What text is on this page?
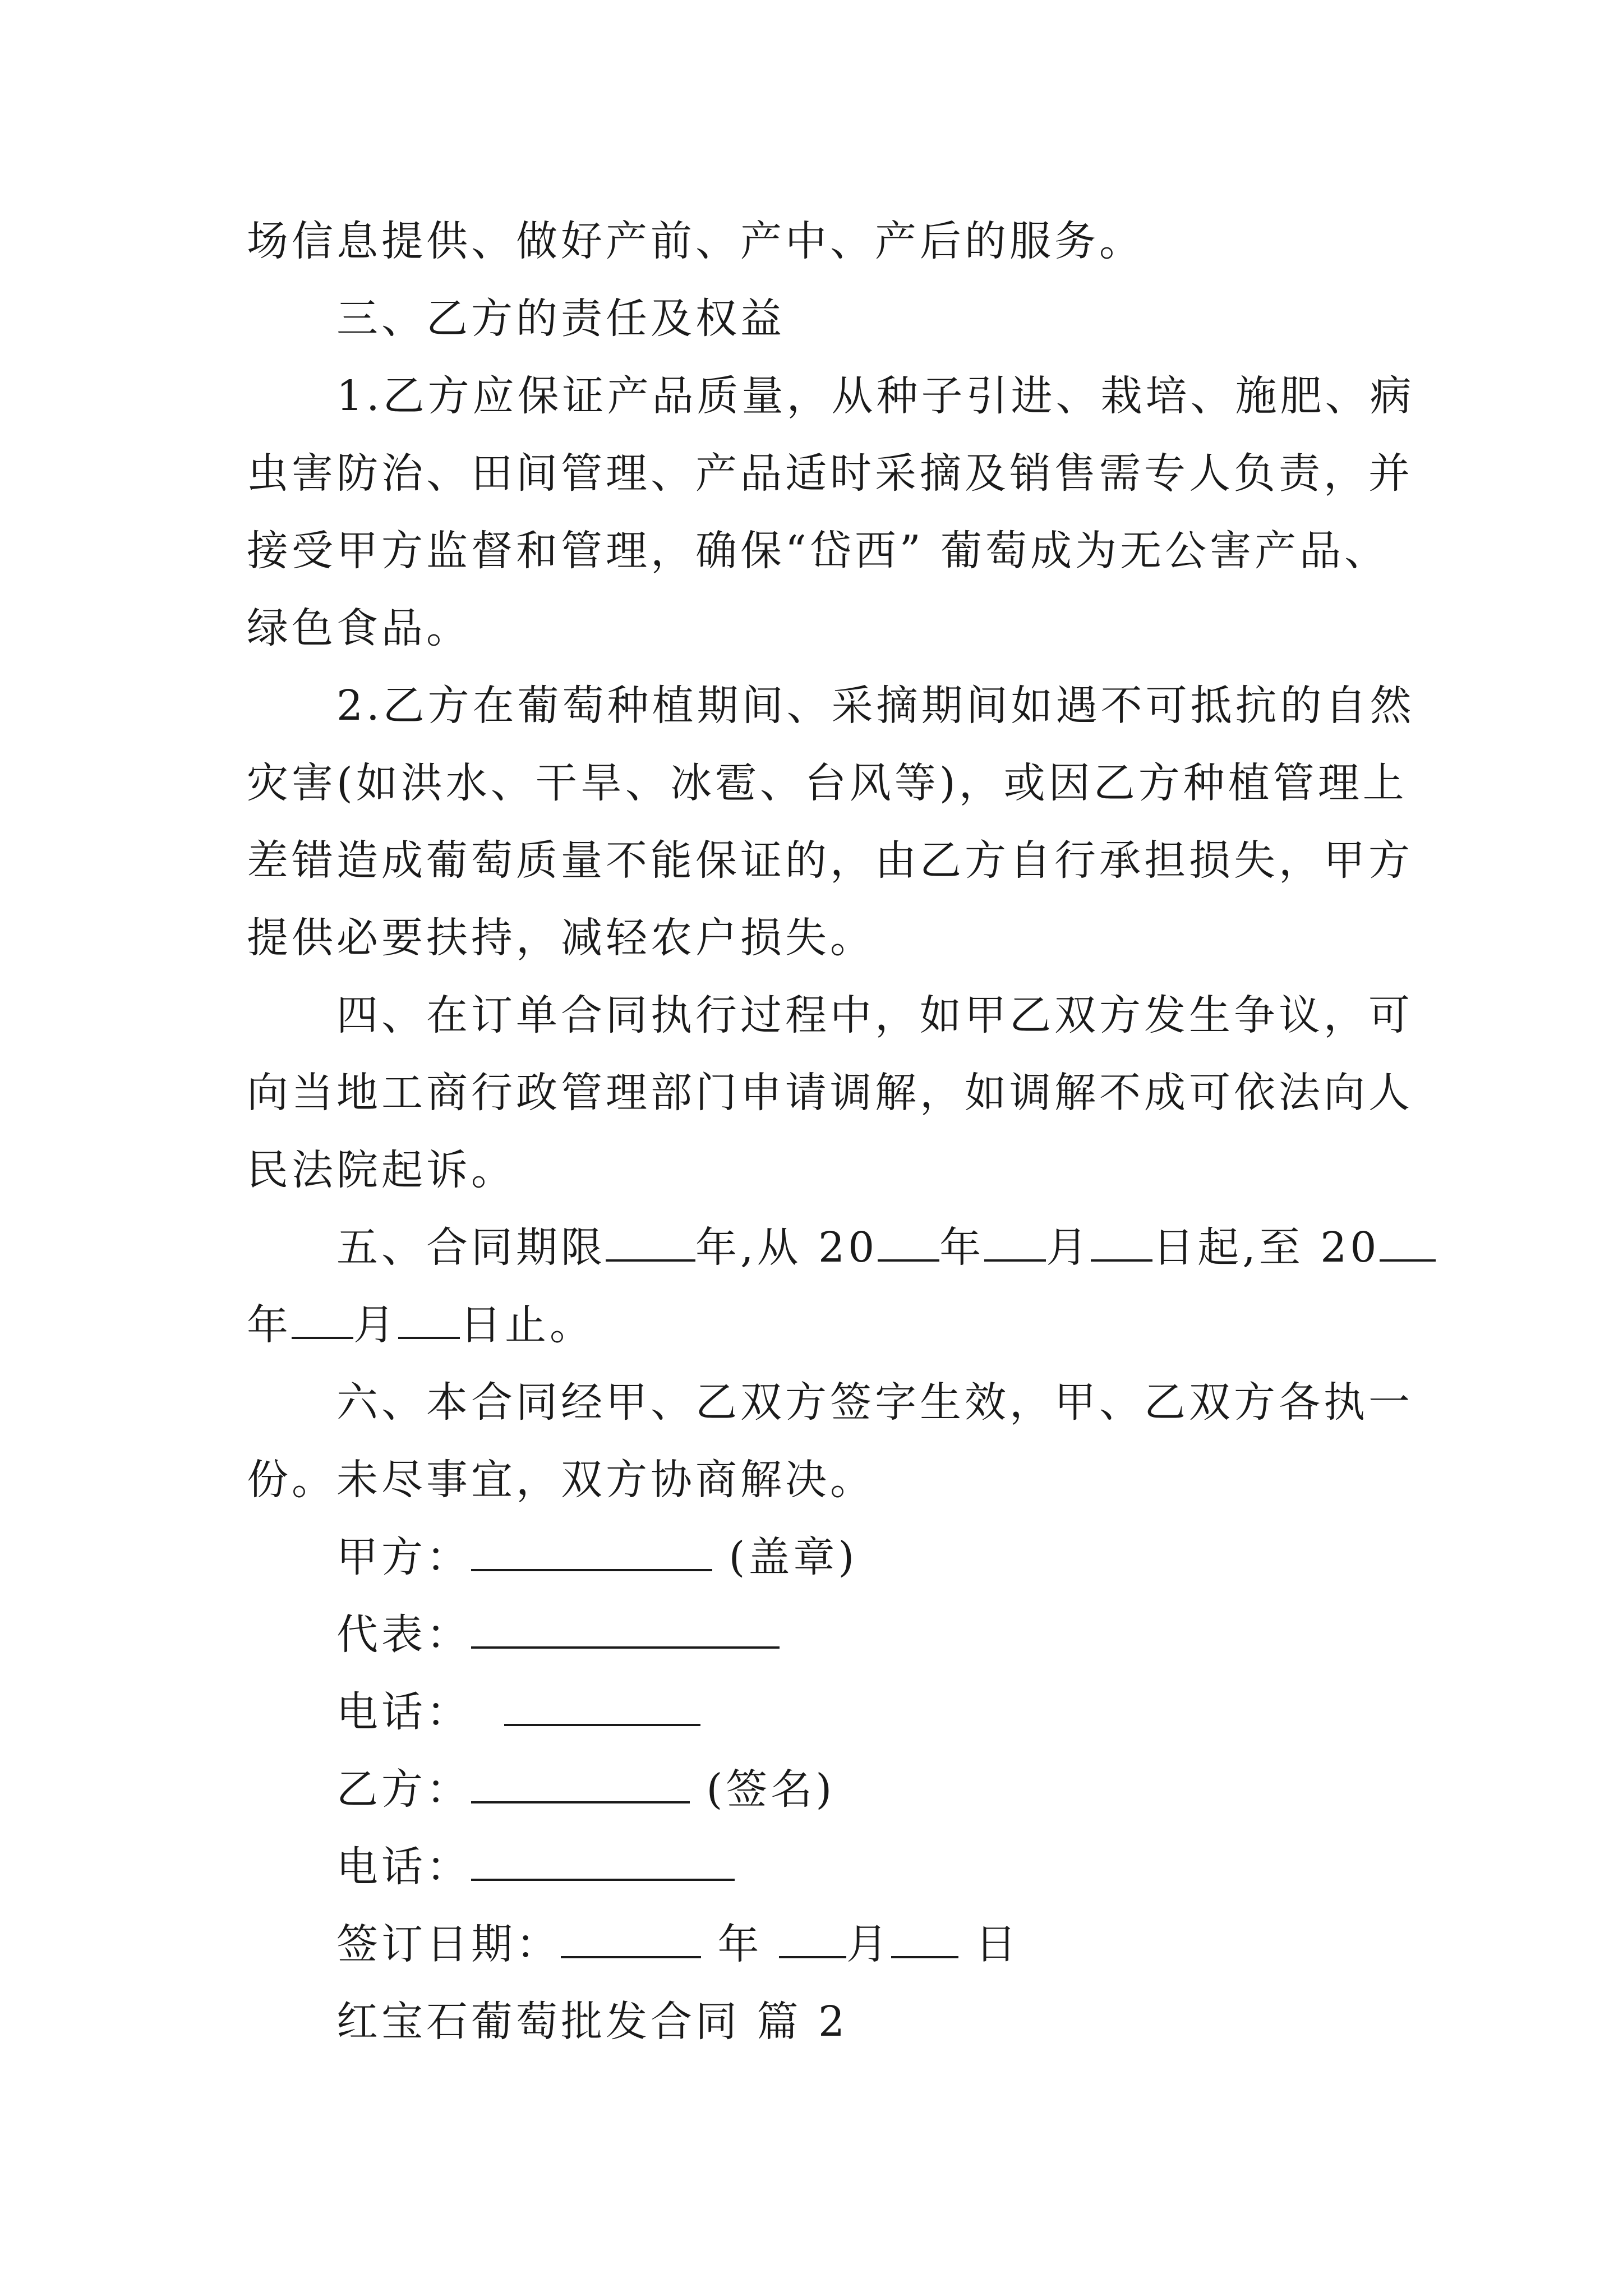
场信息提供、做好产前、产中、产后的服务。
三、乙方的责任及权益
1.乙方应保证产品质量，从种子引进、栽培、施肥、病
虫害防治、田间管理、产品适时采摘及销售需专人负责，并
接受甲方监督和管理，确保“岱西” 葡萄成为无公害产品、
绿色食品。
2.乙方在葡萄种植期间、采摘期间如遇不可抵抗的自然
灾害(如洪水、干旱、冰雹、台风等)，或因乙方种植管理上
差错造成葡萄质量不能保证的，由乙方自行承担损失，甲方
提供必要扶持，减轻农户损失。
四、在订单合同执行过程中，如甲乙双方发生争议，可
向当地工商行政管理部门申请调解，如调解不成可依法向人
民法院起诉。
五、合同期限 年,从 20 年 月 日起,至 20
年 月 日止。
六、本合同经甲、乙双方签字生效，甲、乙双方各执一
份。未尽事宜，双方协商解决。
甲方：	(盖章)
代表：
电话：
乙方：	(签名)
电话：
签订日期：	年 月 日
红宝石葡萄批发合同 篇 2
